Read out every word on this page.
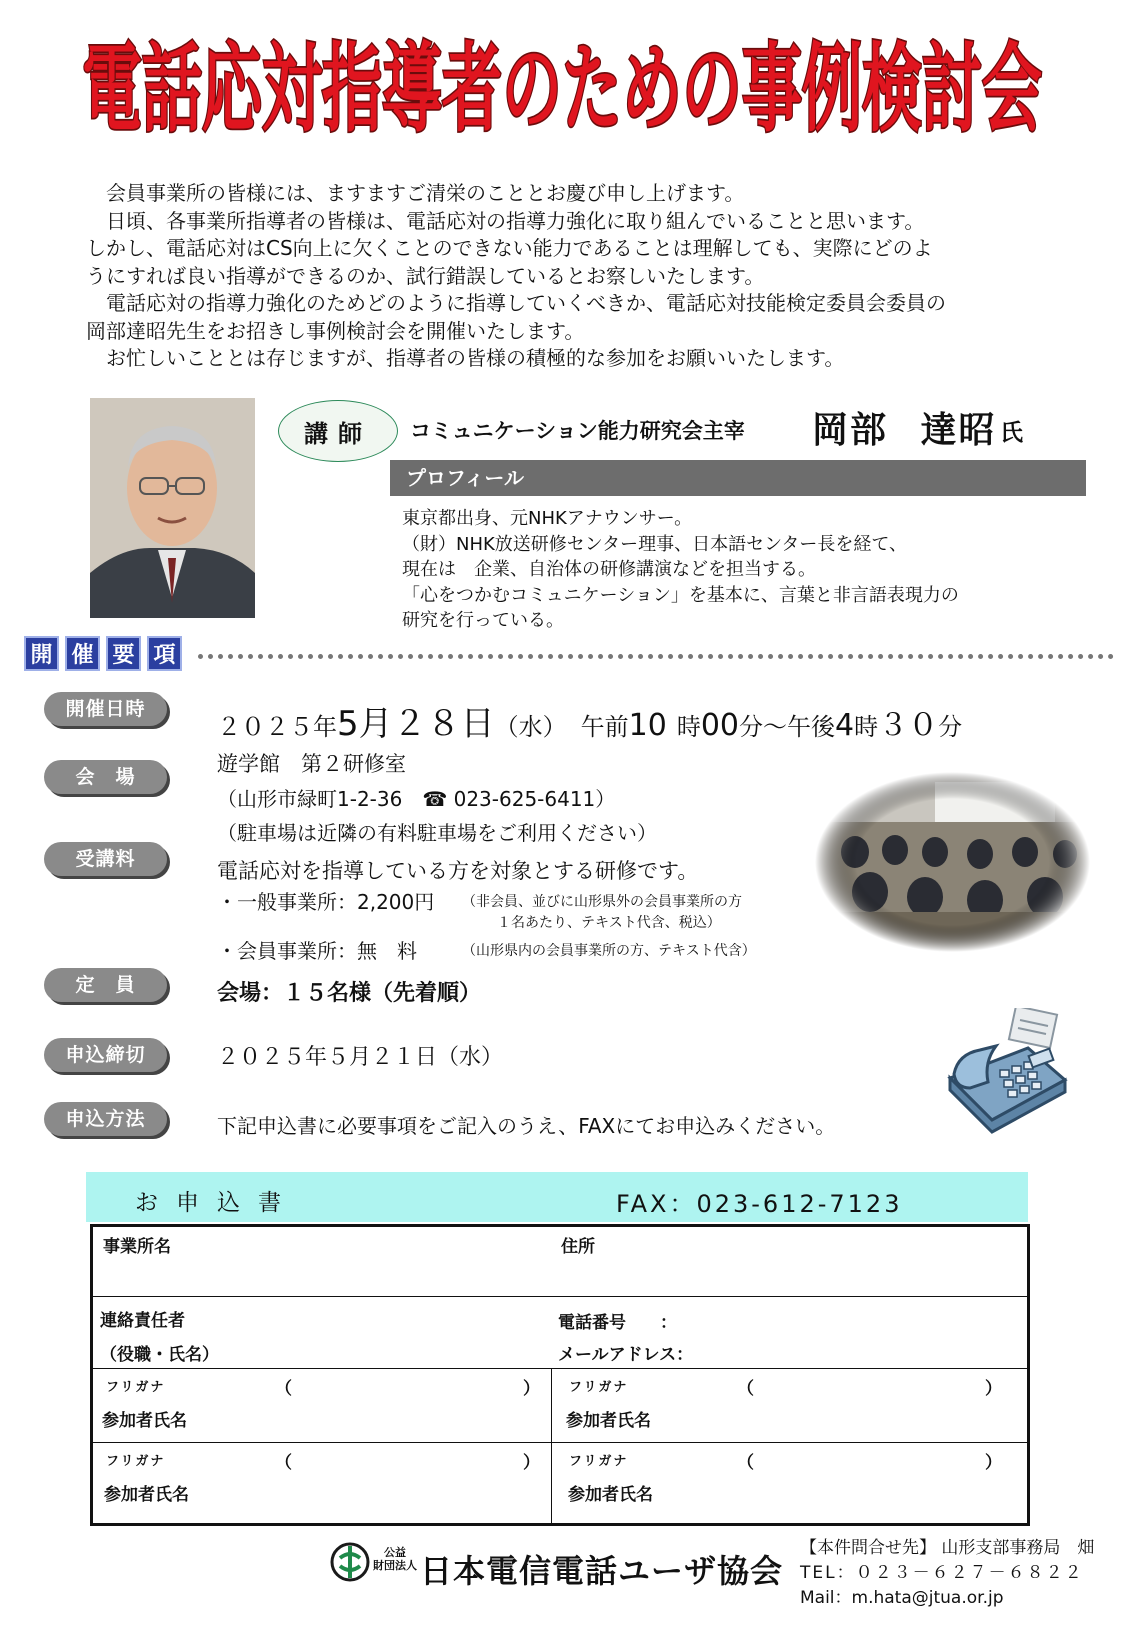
電話応対指導者のための事例検討会

会員事業所の皆様には、ますますご清栄のこととお慶び申し上げます。

日頃、各事業所指導者の皆様は、電話応対の指導力強化に取り組んでいることと思います。

しかし、電話応対はCS向上に欠くことのできない能力であることは理解しても、実際にどのよ

うにすれば良い指導ができるのか、試行錯誤しているとお察しいたします。

電話応対の指導力強化のためどのように指導していくべきか、電話応対技能検定委員会委員の

岡部達昭先生をお招きし事例検討会を開催いたします。

お忙しいこととは存じますが、指導者の皆様の積極的な参加をお願いいたします。

講師 コミュニケーション能力研究会主宰 岡部 達昭 氏
プロフィール
東京都出身、元NHKアナウンサー。
（財）NHK放送研修センター理事、日本語センター長を経て、
現在は　企業、自治体の研修講演などを担当する。
「心をつかむコミュニケーション」を基本に、言葉と非言語表現力の
研究を行っている。
開 催 要 項
開催日時
２０２５年5月２８日（水） 午前10 時00分～午後4時３０分
会　場
遊学館　第２研修室
（山形市緑町1-2-36　☎ 023-625-6411）
（駐車場は近隣の有料駐車場をご利用ください）
受講料	電話応対を指導している方を対象とする研修です。
・一般事業所：2,200円 （非会員、並びに山形県外の会員事業所の方
１名あたり、テキスト代含、税込）
・会員事業所：無　料	（山形県内の会員事業所の方、テキスト代含）
定　員	会場：１５名様（先着順）
申込締切	２０２５年５月２１日（水）
申込方法	下記申込書に必要事項をご記入のうえ、FAXにてお申込みください。
お申込書	FAX：023-612-7123
事業所名	住所
連絡責任者
（役職・氏名）
電話番号　　：
メールアドレス：
フリガナ	（	）
参加者氏名
フリガナ	（	）
参加者氏名
フリガナ	（	）
参加者氏名
フリガナ	（	）
参加者氏名
公益
財団法人 日本電信電話ユーザ協会
【本件問合せ先】 山形支部事務局　畑
TEL：０２３－６２７－６８２２
Mail：m.hata@jtua.or.jp
